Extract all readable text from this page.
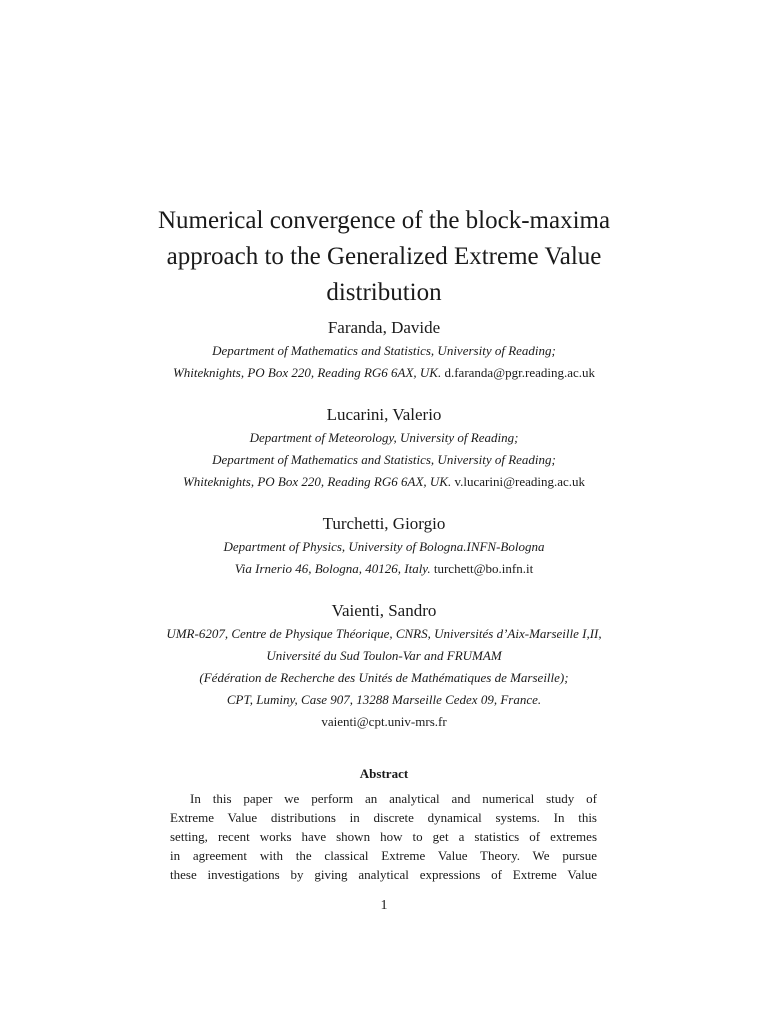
Numerical convergence of the block-maxima
approach to the Generalized Extreme Value
distribution
Faranda, Davide
Department of Mathematics and Statistics, University of Reading;
Whiteknights, PO Box 220, Reading RG6 6AX, UK. d.faranda@pgr.reading.ac.uk
Lucarini, Valerio
Department of Meteorology, University of Reading;
Department of Mathematics and Statistics, University of Reading;
Whiteknights, PO Box 220, Reading RG6 6AX, UK. v.lucarini@reading.ac.uk
Turchetti, Giorgio
Department of Physics, University of Bologna.INFN-Bologna
Via Irnerio 46, Bologna, 40126, Italy. turchett@bo.infn.it
Vaienti, Sandro
UMR-6207, Centre de Physique Théorique, CNRS, Universités d’Aix-Marseille I,II,
Université du Sud Toulon-Var and FRUMAM
(Fédération de Recherche des Unités de Mathématiques de Marseille);
CPT, Luminy, Case 907, 13288 Marseille Cedex 09, France.
vaienti@cpt.univ-mrs.fr
Abstract
In this paper we perform an analytical and numerical study of
Extreme Value distributions in discrete dynamical systems. In this
setting, recent works have shown how to get a statistics of extremes
in agreement with the classical Extreme Value Theory. We pursue
these investigations by giving analytical expressions of Extreme Value
1
